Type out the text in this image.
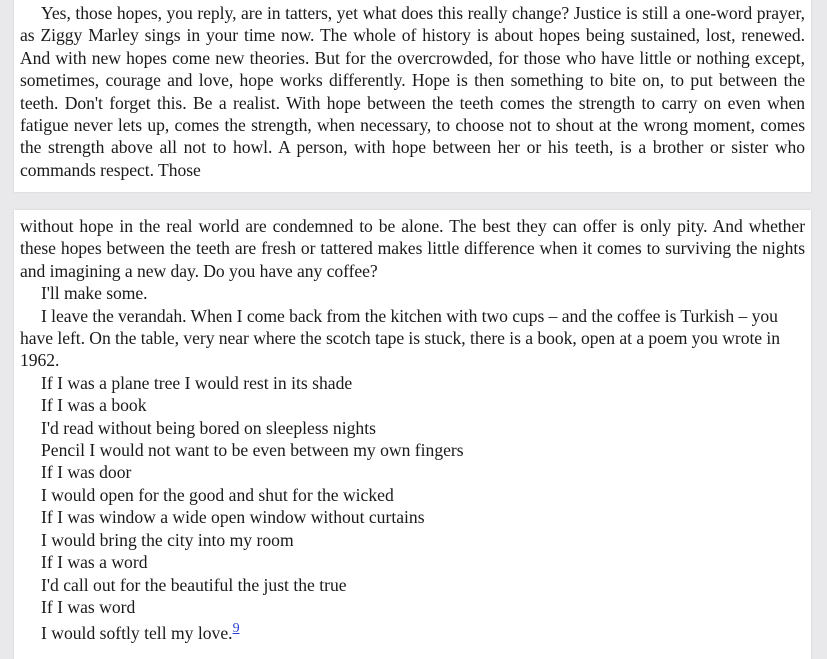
Yes, those hopes, you reply, are in tatters, yet what does this really change? Justice is still a one-word prayer, as Ziggy Marley sings in your time now. The whole of history is about hopes being sustained, lost, renewed. And with new hopes come new theories. But for the overcrowded, for those who have little or nothing except, sometimes, courage and love, hope works differently. Hope is then something to bite on, to put between the teeth. Don't forget this. Be a realist. With hope between the teeth comes the strength to carry on even when fatigue never lets up, comes the strength, when necessary, to choose not to shout at the wrong moment, comes the strength above all not to howl. A person, with hope between her or his teeth, is a brother or sister who commands respect. Those

without hope in the real world are condemned to be alone. The best they can offer is only pity. And whether these hopes between the teeth are fresh or tattered makes little difference when it comes to surviving the nights and imagining a new day. Do you have any coffee?

I'll make some.

I leave the verandah. When I come back from the kitchen with two cups – and the coffee is Turkish – you have left. On the table, very near where the scotch tape is stuck, there is a book, open at a poem you wrote in 1962.

If I was a plane tree I would rest in its shade

If I was a book

I'd read without being bored on sleepless nights

Pencil I would not want to be even between my own fingers

If I was door

I would open for the good and shut for the wicked

If I was window a wide open window without curtains

I would bring the city into my room

If I was a word

I'd call out for the beautiful the just the true

If I was word

I would softly tell my love.$^9$
